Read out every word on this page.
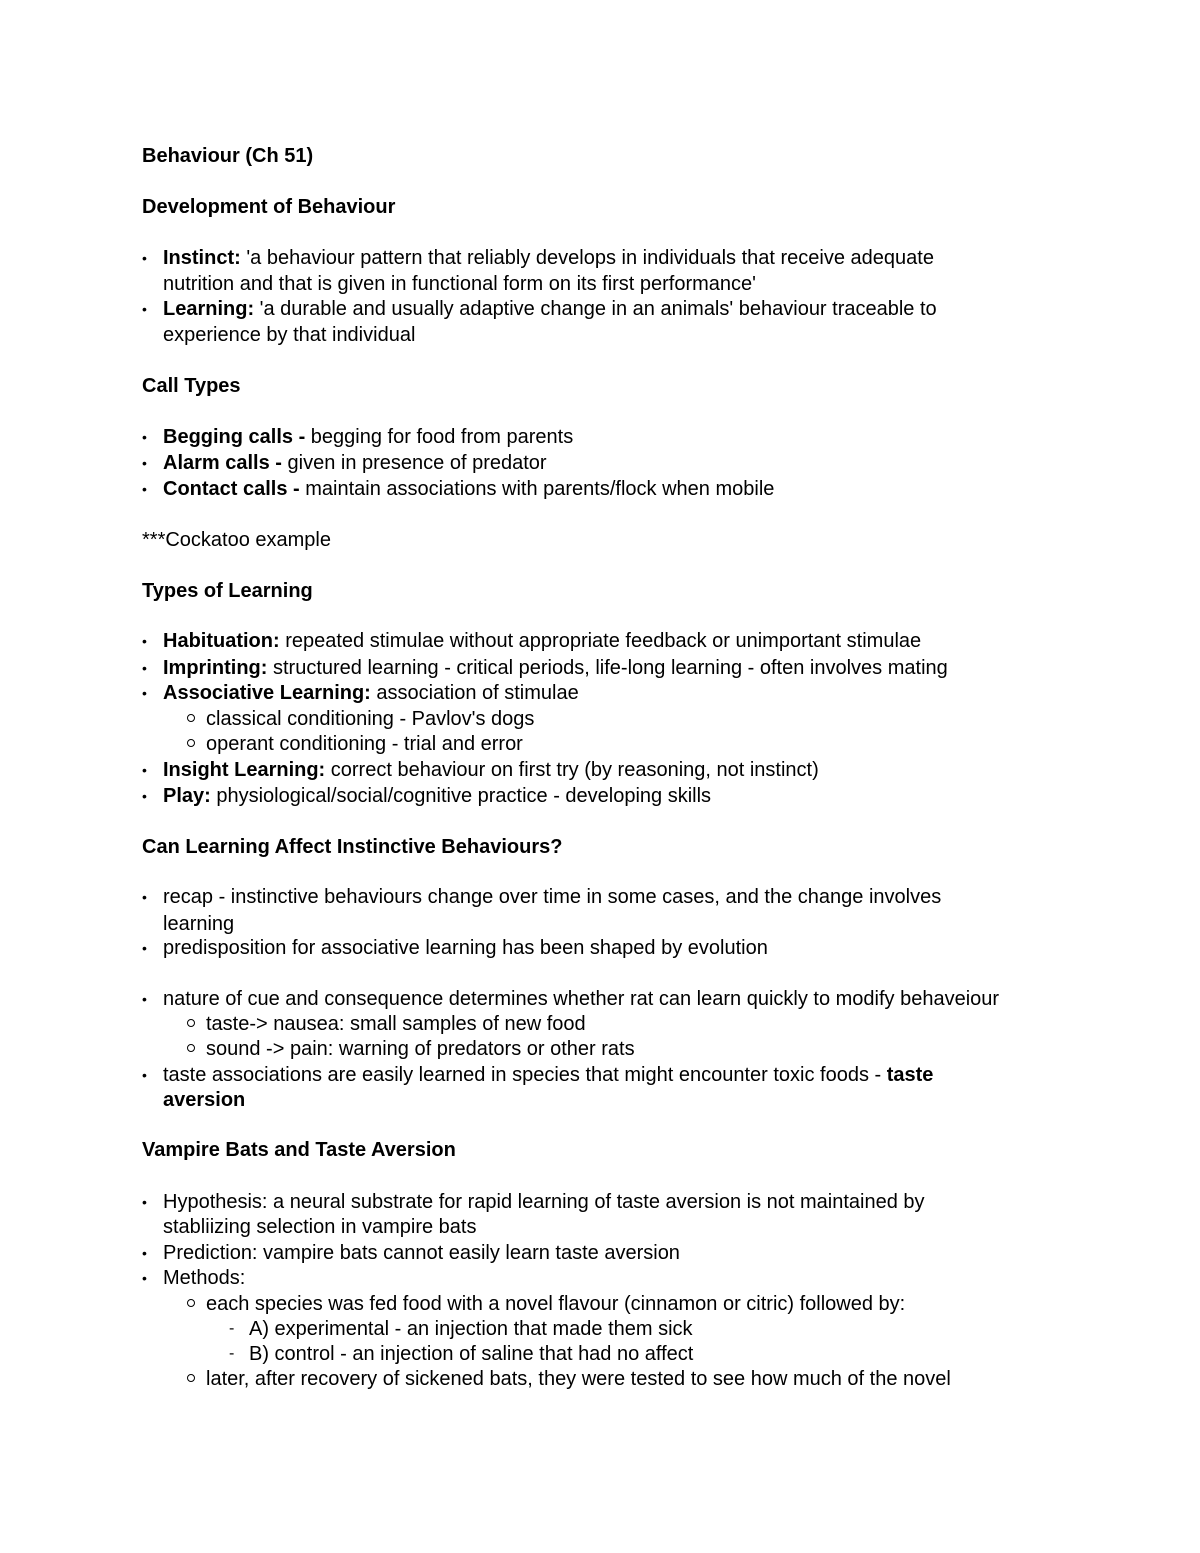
Behaviour (Ch 51)
Development of Behaviour
• Instinct: 'a behaviour pattern that reliably develops in individuals that receive adequate
nutrition and that is given in functional form on its first performance'
• Learning: 'a durable and usually adaptive change in an animals' behaviour traceable to
experience by that individual
Call Types
• Begging calls - begging for food from parents
• Alarm calls - given in presence of predator
• Contact calls - maintain associations with parents/flock when mobile
***Cockatoo example
Types of Learning
• Habituation: repeated stimulae without appropriate feedback or unimportant stimulae
• Imprinting: structured learning - critical periods, life-long learning - often involves mating
• Associative Learning: association of stimulae
classical conditioning - Pavlov's dogs
operant conditioning - trial and error
• Insight Learning: correct behaviour on first try (by reasoning, not instinct)
• Play: physiological/social/cognitive practice - developing skills
Can Learning Affect Instinctive Behaviours?
• recap - instinctive behaviours change over time in some cases, and the change involves
learning
• predisposition for associative learning has been shaped by evolution
• nature of cue and consequence determines whether rat can learn quickly to modify behaveiour
taste-> nausea: small samples of new food
sound -> pain: warning of predators or other rats
• taste associations are easily learned in species that might encounter toxic foods - taste
aversion
Vampire Bats and Taste Aversion
• Hypothesis: a neural substrate for rapid learning of taste aversion is not maintained by
stabliizing selection in vampire bats
• Prediction: vampire bats cannot easily learn taste aversion
• Methods:
each species was fed food with a novel flavour (cinnamon or citric) followed by:
‑ A) experimental - an injection that made them sick
‑ B) control - an injection of saline that had no affect
later, after recovery of sickened bats, they were tested to see how much of the novel
